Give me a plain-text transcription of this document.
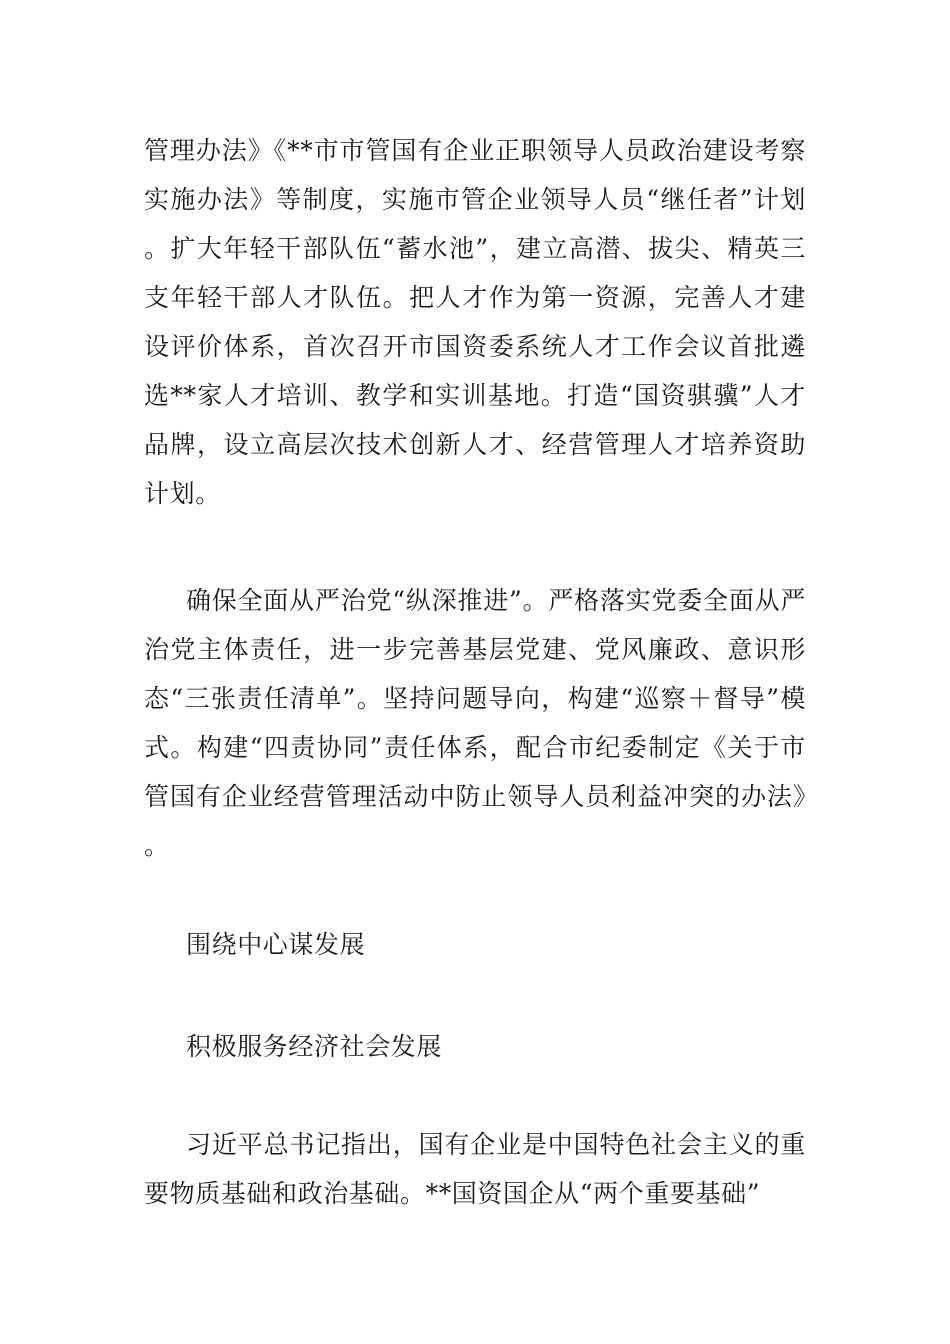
管理办法》《**市市管国有企业正职领导人员政治建设考察实施办法》等制度，实施市管企业领导人员“继任者”计划。扩大年轻干部队伍“蓄水池”，建立高潜、拔尖、精英三支年轻干部人才队伍。把人才作为第一资源，完善人才建设评价体系，首次召开市国资委系统人才工作会议首批遴选**家人才培训、教学和实训基地。打造“国资骐骥”人才品牌，设立高层次技术创新人才、经营管理人才培养资助计划。

确保全面从严治党“纵深推进”。严格落实党委全面从严治党主体责任，进一步完善基层党建、党风廉政、意识形态“三张责任清单”。坚持问题导向，构建“巡察＋督导”模式。构建“四责协同”责任体系，配合市纪委制定《关于市管国有企业经营管理活动中防止领导人员利益冲突的办法》。

围绕中心谋发展

积极服务经济社会发展

习近平总书记指出，国有企业是中国特色社会主义的重要物质基础和政治基础。**国资国企从“两个重要基础”
